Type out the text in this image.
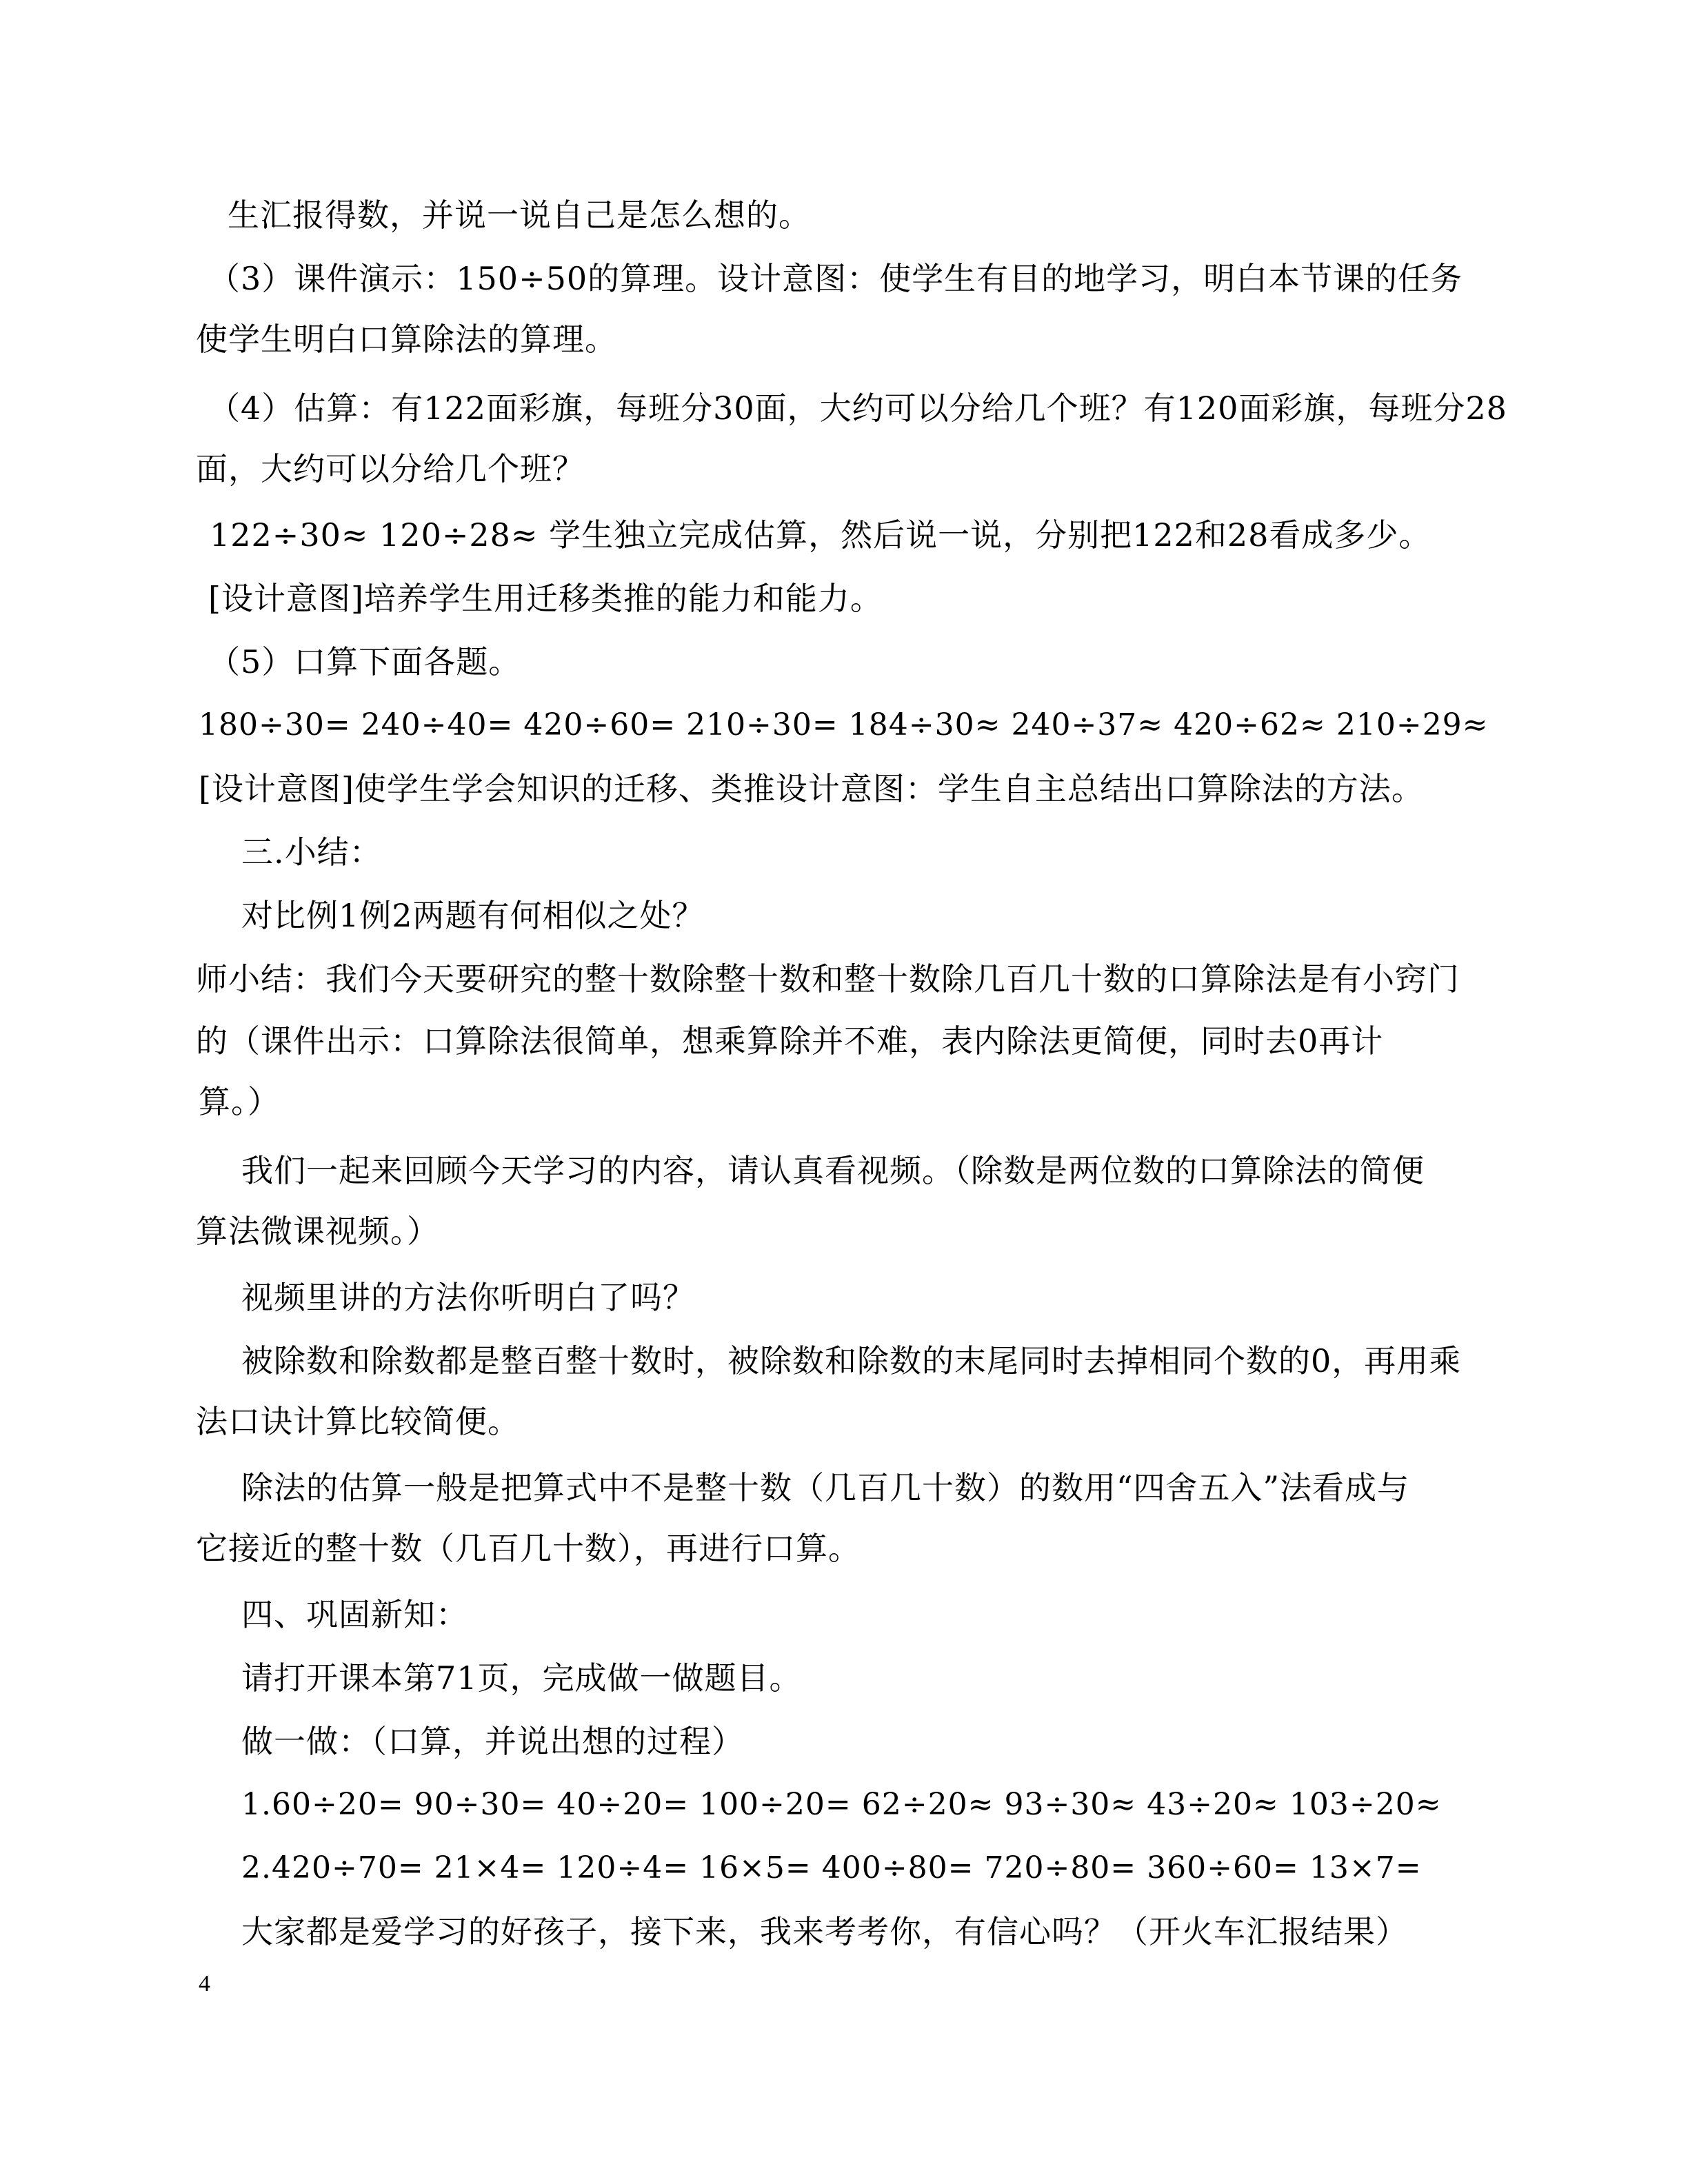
生汇报得数，并说一说自己是怎么想的。
（3）课件演示：150÷50的算理。设计意图：使学生有目的地学习，明白本节课的任务
使学生明白口算除法的算理。
（4）估算：有122面彩旗，每班分30面，大约可以分给几个班？有120面彩旗，每班分28
面，大约可以分给几个班？
122÷30≈ 120÷28≈ 学生独立完成估算，然后说一说，分别把122和28看成多少。
[设计意图]培养学生用迁移类推的能力和能力。
（5）口算下面各题。
180÷30= 240÷40= 420÷60= 210÷30= 184÷30≈ 240÷37≈ 420÷62≈ 210÷29≈
[设计意图]使学生学会知识的迁移、类推设计意图：学生自主总结出口算除法的方法。
三.小结：
对比例1例2两题有何相似之处？
师小结：我们今天要研究的整十数除整十数和整十数除几百几十数的口算除法是有小窍门
的（课件出示：口算除法很简单，想乘算除并不难，表内除法更简便，同时去0再计
算。）
我们一起来回顾今天学习的内容，请认真看视频。（除数是两位数的口算除法的简便
算法微课视频。）
视频里讲的方法你听明白了吗？
被除数和除数都是整百整十数时，被除数和除数的末尾同时去掉相同个数的0，再用乘
法口诀计算比较简便。
除法的估算一般是把算式中不是整十数（几百几十数）的数用“四舍五入”法看成与
它接近的整十数（几百几十数），再进行口算。
四、巩固新知：
请打开课本第71页，完成做一做题目。
做一做：（口算，并说出想的过程）
1.60÷20= 90÷30= 40÷20= 100÷20= 62÷20≈ 93÷30≈ 43÷20≈ 103÷20≈
2.420÷70= 21×4= 120÷4= 16×5= 400÷80= 720÷80= 360÷60= 13×7=
大家都是爱学习的好孩子，接下来，我来考考你，有信心吗？（开火车汇报结果）
4
